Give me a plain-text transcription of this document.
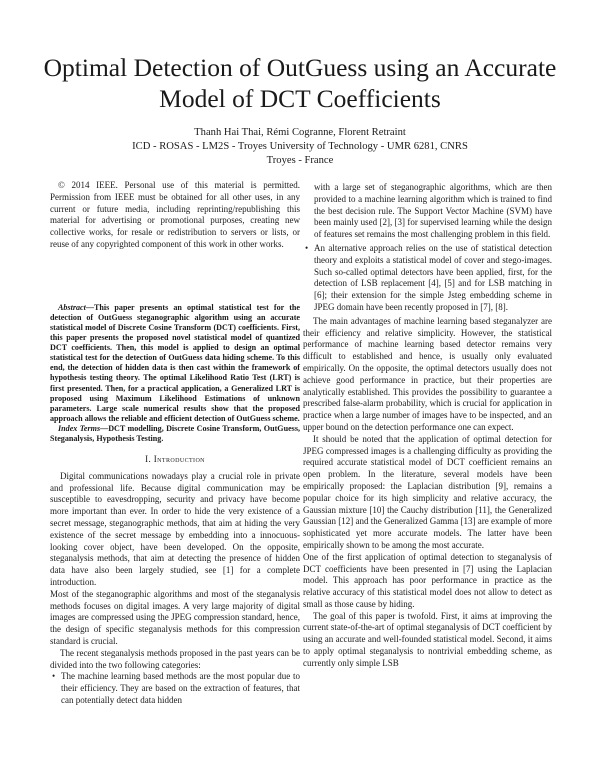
Optimal Detection of OutGuess using an Accurate Model of DCT Coefficients
Thanh Hai Thai, Rémi Cogranne, Florent Retraint
ICD - ROSAS - LM2S - Troyes University of Technology - UMR 6281, CNRS
Troyes - France

© 2014 IEEE. Personal use of this material is permitted. Permission from IEEE must be obtained for all other uses, in any current or future media, including reprinting/republishing this material for advertising or promotional purposes, creating new collective works, for resale or redistribution to servers or lists, or reuse of any copyrighted component of this work in other works.

Abstract—This paper presents an optimal statistical test for the detection of OutGuess steganographic algorithm using an accurate statistical model of Discrete Cosine Transform (DCT) coefficients. First, this paper presents the proposed novel statistical model of quantized DCT coefficients. Then, this model is applied to design an optimal statistical test for the detection of OutGuess data hiding scheme. To this end, the detection of hidden data is then cast within the framework of hypothesis testing theory. The optimal Likelihood Ratio Test (LRT) is first presented. Then, for a practical application, a Generalized LRT is proposed using Maximum Likelihood Estimations of unknown parameters. Large scale numerical results show that the proposed approach allows the reliable and efficient detection of OutGuess scheme.

Index Terms—DCT modelling, Discrete Cosine Transform, OutGuess, Steganalysis, Hypothesis Testing.

I. Introduction

Digital communications nowadays play a crucial role in private and professional life. Because digital communication may be susceptible to eavesdropping, security and privacy have become more important than ever. In order to hide the very existence of a secret message, steganographic methods, that aim at hiding the very existence of the secret message by embedding into a innocuous-looking cover object, have been developed. On the opposite, steganalysis methods, that aim at detecting the presence of hidden data have also been largely studied, see [1] for a complete introduction.

Most of the steganographic algorithms and most of the steganalysis methods focuses on digital images. A very large majority of digital images are compressed using the JPEG compression standard, hence, the design of specific steganalysis methods for this compression standard is crucial.

The recent steganalysis methods proposed in the past years can be divided into the two following categories:

• The machine learning based methods are the most popular due to their efficiency. They are based on the extraction of features, that can potentially detect data hidden
with a large set of steganographic algorithms, which are then provided to a machine learning algorithm which is trained to find the best decision rule. The Support Vector Machine (SVM) have been mainly used [2], [3] for supervised learning while the design of features set remains the most challenging problem in this field.
• An alternative approach relies on the use of statistical detection theory and exploits a statistical model of cover and stego-images. Such so-called optimal detectors have been applied, first, for the detection of LSB replacement [4], [5] and for LSB matching in [6]; their extension for the simple Jsteg embedding scheme in JPEG domain have been recently proposed in [7], [8].

The main advantages of machine learning based steganalyzer are their efficiency and relative simplicity. However, the statistical performance of machine learning based detector remains very difficult to established and hence, is usually only evaluated empirically. On the opposite, the optimal detectors usually does not achieve good performance in practice, but their properties are analytically established. This provides the possibility to guarantee a prescribed false-alarm probability, which is crucial for application in practice when a large number of images have to be inspected, and an upper bound on the detection performance one can expect.

It should be noted that the application of optimal detection for JPEG compressed images is a challenging difficulty as providing the required accurate statistical model of DCT coefficient remains an open problem. In the literature, several models have been empirically proposed: the Laplacian distribution [9], remains a popular choice for its high simplicity and relative accuracy, the Gaussian mixture [10] the Cauchy distribution [11], the Generalized Gaussian [12] and the Generalized Gamma [13] are example of more sophisticated yet more accurate models. The latter have been empirically shown to be among the most accurate.

One of the first application of optimal detection to steganalysis of DCT coefficients have been presented in [7] using the Laplacian model. This approach has poor performance in practice as the relative accuracy of this statistical model does not allow to detect as small as those cause by hiding.

The goal of this paper is twofold. First, it aims at improving the current state-of-the-art of optimal steganalysis of DCT coefficient by using an accurate and well-founded statistical model. Second, it aims to apply optimal steganalysis to nontrivial embedding scheme, as currently only simple LSB
